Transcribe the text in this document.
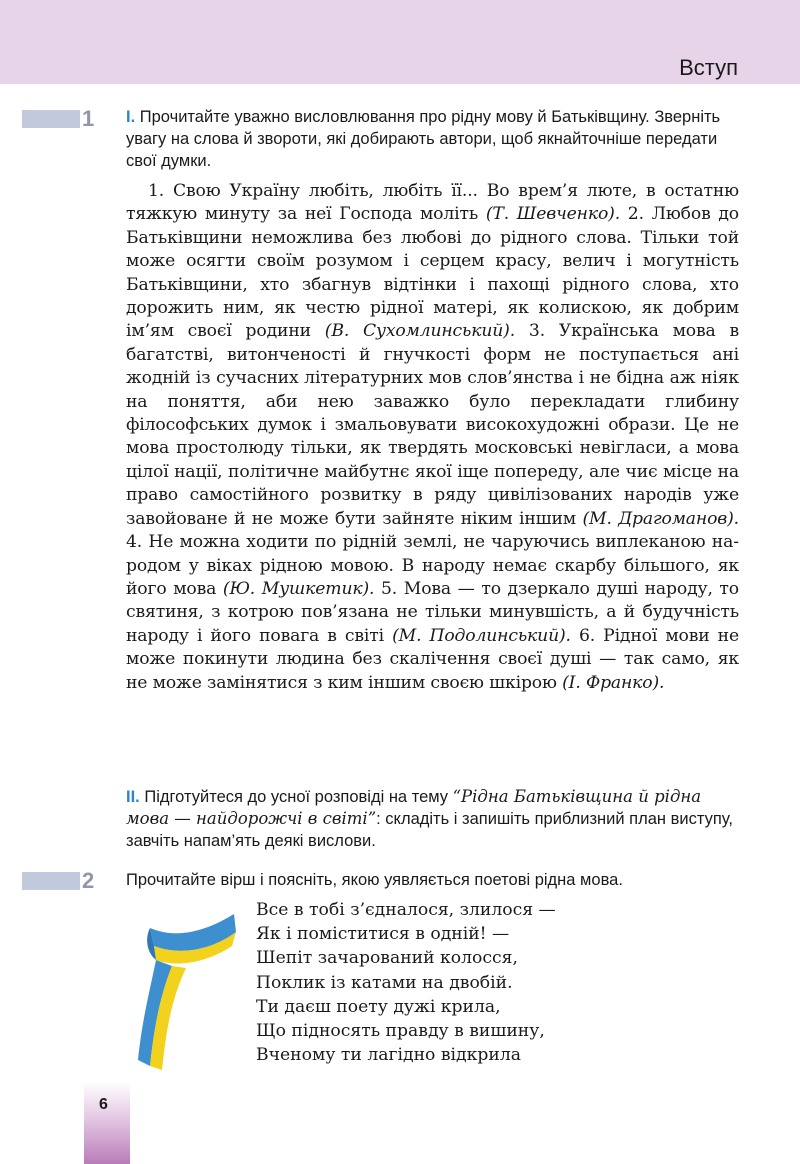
Вступ
1 І. Прочитайте уважно висловлювання про рідну мову й Батьківщину. Зверніть увагу на слова й звороти, які добирають автори, щоб якнайточніше передати свої думки.

1. Свою Україну любіть, любіть її... Во врем’я люте, в остатню тяжкую минуту за неї Господа моліть (Т. Шевченко). 2. Любов до Батьківщини неможлива без любові до рідного слова. Тільки той може осягти своїм розумом і серцем красу, велич і могутність Батьківщини, хто збагнув відтінки і пахощі рідного слова, хто дорожить ним, як честю рідної матері, як колискою, як добрим ім’ям своєї родини (В. Сухомлинський). 3. Українська мова в багатстві, витонченості й гнучкості форм не поступається ані жодній із сучасних літературних мов слов’янства і не бідна аж ніяк на поняття, аби нею заважко було перекладати глибину філософських думок і змальовувати високохудожні образи. Це не мова простолюду тільки, як твердять московські невігласи, а мова цілої нації, політичне майбутнє якої іще попереду, але чиє місце на право самостійного розвитку в ряду цивілізованих народів уже завойоване й не може бути зайняте ніким іншим (М. Драгоманов). 4. Не можна ходити по рідній землі, не чаруючись виплеканою народом у віках рідною мовою. В народу немає скарбу більшого, як його мова (Ю. Мушкетик). 5. Мова — то дзеркало душі народу, то святиня, з котрою пов’язана не тільки минувшість, а й будучність народу і його повага в світі (М. Подолинський). 6. Рідної мови не може покинути людина без скалічення своєї душі — так само, як не може замінятися з ким іншим своєю шкірою (І. Франко).

ІІ. Підготуйтеся до усної розповіді на тему “Рідна Батьківщина й рідна мова — найдорожчі в світі”: складіть і запишіть приблизний план виступу, завчіть напам’ять деякі вислови.
2 Прочитайте вірш і поясніть, якою уявляється поетові рідна мова.
Все в тобі з’єдналося, злилося —
Як і поміститися в одній! —
Шепіт зачарований колосся,
Поклик із катами на двобій.
Ти даєш поету дужі крила,
Що підносять правду в вишину,
Вченому ти лагідно відкрила
6
